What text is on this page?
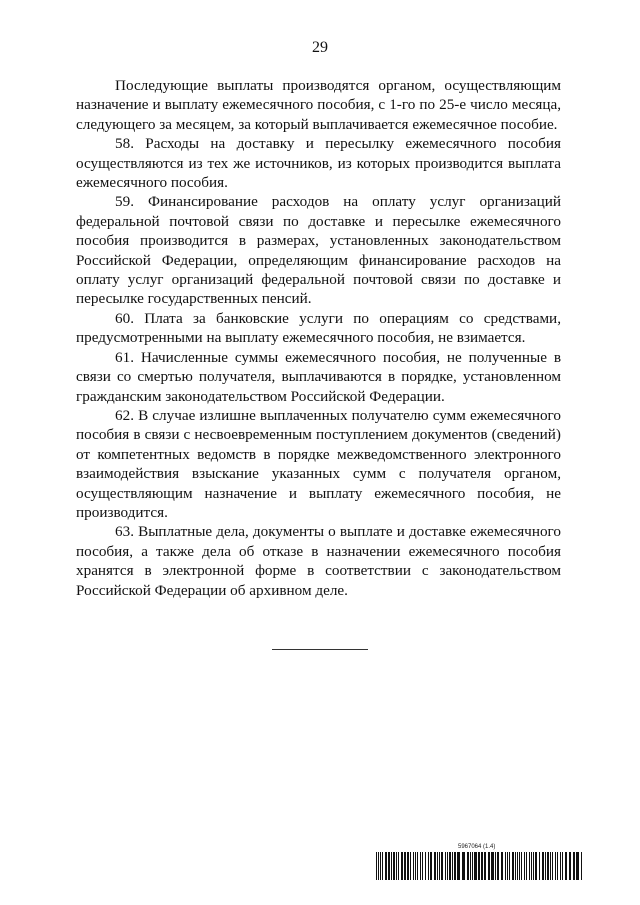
29

Последующие выплаты производятся органом, осуществляющим назначение и выплату ежемесячного пособия, с 1-го по 25-е число месяца, следующего за месяцем, за который выплачивается ежемесячное пособие.

58. Расходы на доставку и пересылку ежемесячного пособия осуществляются из тех же источников, из которых производится выплата ежемесячного пособия.

59. Финансирование расходов на оплату услуг организаций федеральной почтовой связи по доставке и пересылке ежемесячного пособия производится в размерах, установленных законодательством Российской Федерации, определяющим финансирование расходов на оплату услуг организаций федеральной почтовой связи по доставке и пересылке государственных пенсий.

60. Плата за банковские услуги по операциям со средствами, предусмотренными на выплату ежемесячного пособия, не взимается.

61. Начисленные суммы ежемесячного пособия, не полученные в связи со смертью получателя, выплачиваются в порядке, установленном гражданским законодательством Российской Федерации.

62. В случае излишне выплаченных получателю сумм ежемесячного пособия в связи с несвоевременным поступлением документов (сведений) от компетентных ведомств в порядке межведомственного электронного взаимодействия взыскание указанных сумм с получателя органом, осуществляющим назначение и выплату ежемесячного пособия, не производится.

63. Выплатные дела, документы о выплате и доставке ежемесячного пособия, а также дела об отказе в назначении ежемесячного пособия хранятся в электронной форме в соответствии с законодательством Российской Федерации об архивном деле.

5967064 (1.4)
